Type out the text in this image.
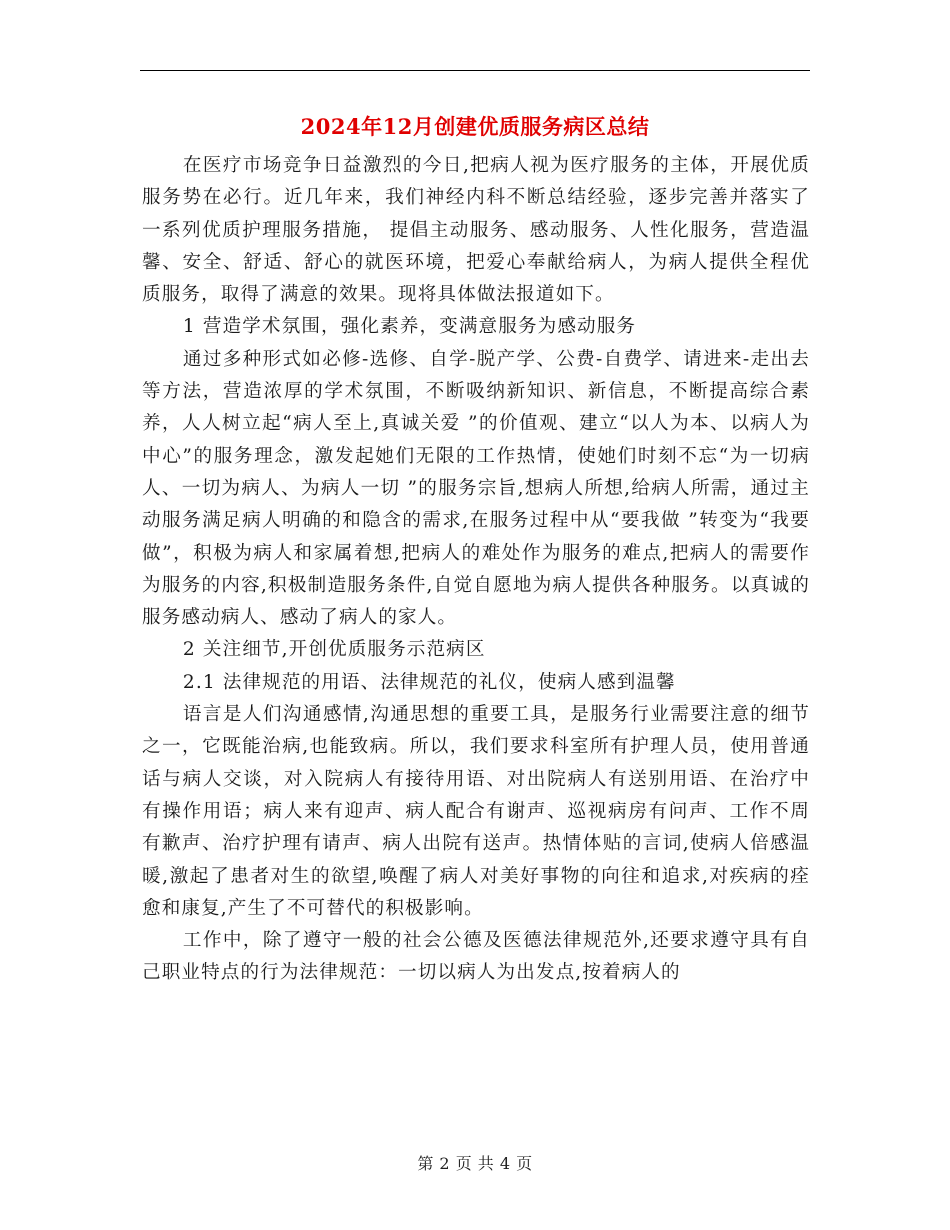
2024年12月创建优质服务病区总结

在医疗市场竞争日益激烈的今日,把病人视为医疗服务的主体，开展优质服务势在必行。近几年来，我们神经内科不断总结经验，逐步完善并落实了一系列优质护理服务措施， 提倡主动服务、感动服务、人性化服务，营造温馨、安全、舒适、舒心的就医环境，把爱心奉献给病人，为病人提供全程优质服务，取得了满意的效果。现将具体做法报道如下。

1 营造学术氛围，强化素养，变满意服务为感动服务

通过多种形式如必修-选修、自学-脱产学、公费-自费学、请进来-走出去等方法，营造浓厚的学术氛围，不断吸纳新知识、新信息，不断提高综合素养，人人树立起“病人至上,真诚关爱 ”的价值观、建立“以人为本、以病人为中心”的服务理念，激发起她们无限的工作热情，使她们时刻不忘“为一切病人、一切为病人、为病人一切 ”的服务宗旨,想病人所想,给病人所需，通过主动服务满足病人明确的和隐含的需求,在服务过程中从“要我做 ”转变为“我要做”，积极为病人和家属着想,把病人的难处作为服务的难点,把病人的需要作为服务的内容,积极制造服务条件,自觉自愿地为病人提供各种服务。以真诚的服务感动病人、感动了病人的家人。

2 关注细节,开创优质服务示范病区

2.1 法律规范的用语、法律规范的礼仪，使病人感到温馨

语言是人们沟通感情,沟通思想的重要工具，是服务行业需要注意的细节之一，它既能治病,也能致病。所以，我们要求科室所有护理人员，使用普通话与病人交谈，对入院病人有接待用语、对出院病人有送别用语、在治疗中有操作用语；病人来有迎声、病人配合有谢声、巡视病房有问声、工作不周有歉声、治疗护理有请声、病人出院有送声。热情体贴的言词,使病人倍感温暖,激起了患者对生的欲望,唤醒了病人对美好事物的向往和追求,对疾病的痊愈和康复,产生了不可替代的积极影响。

工作中，除了遵守一般的社会公德及医德法律规范外,还要求遵守具有自己职业特点的行为法律规范：一切以病人为出发点,按着病人的

第 2 页 共 4 页
